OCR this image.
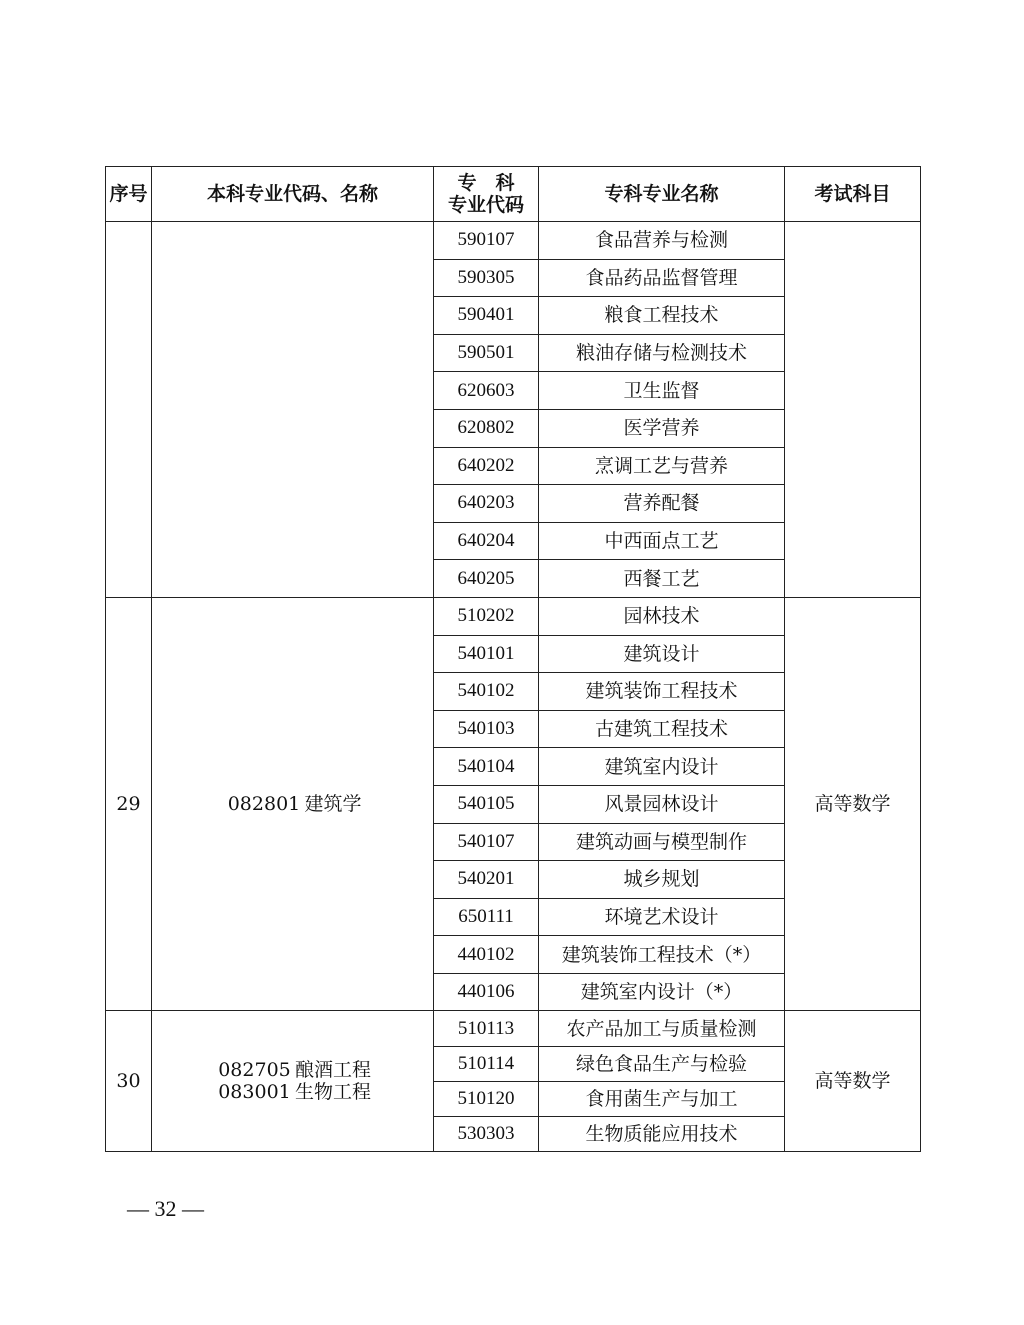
序号	本科专业代码、名称	专　科
专业代码	专科专业名称	考试科目
		590107	食品营养与检测	
		590305	食品药品监督管理	
		590401	粮食工程技术	
		590501	粮油存储与检测技术	
		620603	卫生监督	
		620802	医学营养	
		640202	烹调工艺与营养	
		640203	营养配餐	
		640204	中西面点工艺	
		640205	西餐工艺	
29	082801 建筑学	510202	园林技术	高等数学
		540101	建筑设计	
		540102	建筑装饰工程技术	
		540103	古建筑工程技术	
		540104	建筑室内设计	
		540105	风景园林设计	
		540107	建筑动画与模型制作	
		540201	城乡规划	
		650111	环境艺术设计	
		440102	建筑装饰工程技术（*）	
		440106	建筑室内设计（*）	
30	082705 酿酒工程
083001 生物工程	510113	农产品加工与质量检测	高等数学
		510114	绿色食品生产与检验	
		510120	食用菌生产与加工	
		530303	生物质能应用技术	
— 32 —
